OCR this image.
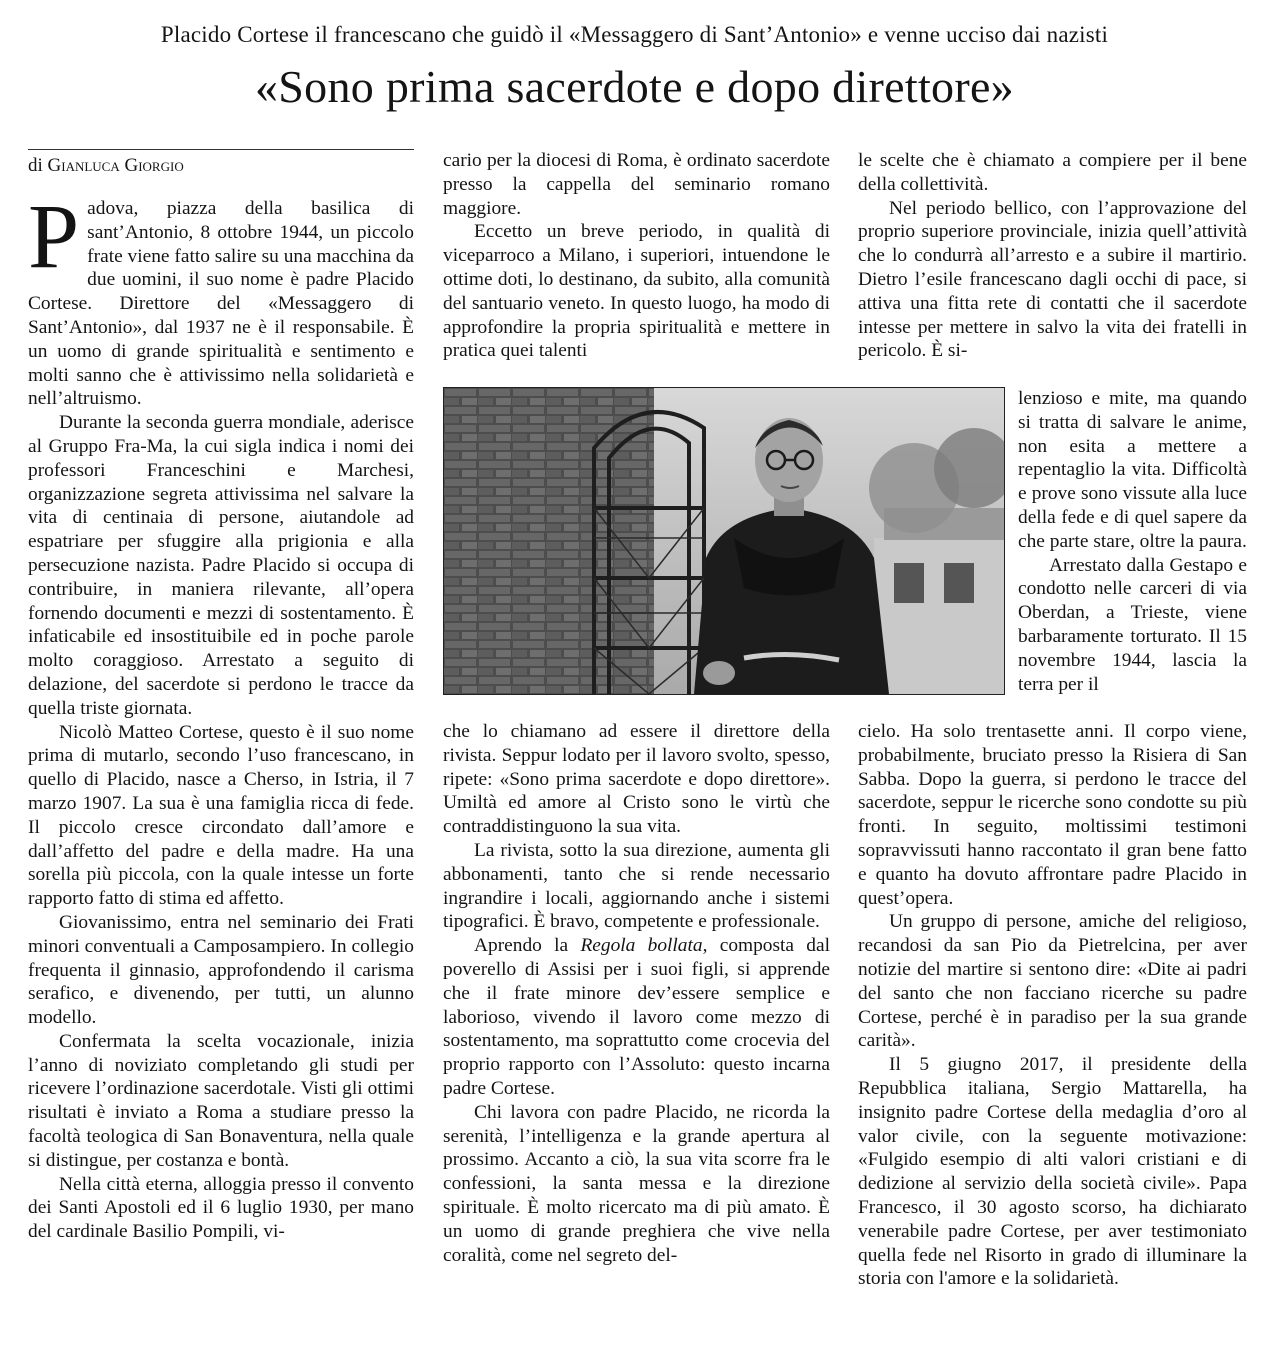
Placido Cortese il francescano che guidò il «Messaggero di Sant’Antonio» e venne ucciso dai nazisti
«Sono prima sacerdote e dopo direttore»
di Gianluca Giorgio

Padova, piazza della basilica di sant’Antonio, 8 ottobre 1944, un piccolo frate viene fatto salire su una macchina da due uomini, il suo nome è padre Placido Cortese. Direttore del «Messaggero di Sant’Antonio», dal 1937 ne è il responsabile. È un uomo di grande spiritualità e sentimento e molti sanno che è attivissimo nella solidarietà e nell’altruismo.

Durante la seconda guerra mondiale, aderisce al Gruppo Fra-Ma, la cui sigla indica i nomi dei professori Franceschini e Marchesi, organizzazione segreta attivissima nel salvare la vita di centinaia di persone, aiutandole ad espatriare per sfuggire alla prigionia e alla persecuzione nazista. Padre Placido si occupa di contribuire, in maniera rilevante, all’opera fornendo documenti e mezzi di sostentamento. È infaticabile ed insostituibile ed in poche parole molto coraggioso. Arrestato a seguito di delazione, del sacerdote si perdono le tracce da quella triste giornata.

Nicolò Matteo Cortese, questo è il suo nome prima di mutarlo, secondo l’uso francescano, in quello di Placido, nasce a Cherso, in Istria, il 7 marzo 1907. La sua è una famiglia ricca di fede. Il piccolo cresce circondato dall’amore e dall’affetto del padre e della madre. Ha una sorella più piccola, con la quale intesse un forte rapporto fatto di stima ed affetto.

Giovanissimo, entra nel seminario dei Frati minori conventuali a Camposampiero. In collegio frequenta il ginnasio, approfondendo il carisma serafico, e divenendo, per tutti, un alunno modello.

Confermata la scelta vocazionale, inizia l’anno di noviziato completando gli studi per ricevere l’ordinazione sacerdotale. Visti gli ottimi risultati è inviato a Roma a studiare presso la facoltà teologica di San Bonaventura, nella quale si distingue, per costanza e bontà.

Nella città eterna, alloggia presso il convento dei Santi Apostoli ed il 6 luglio 1930, per mano del cardinale Basilio Pompili, vi-

cario per la diocesi di Roma, è ordinato sacerdote presso la cappella del seminario romano maggiore.

Eccetto un breve periodo, in qualità di viceparroco a Milano, i superiori, intuendone le ottime doti, lo destinano, da subito, alla comunità del santuario veneto. In questo luogo, ha modo di approfondire la propria spiritualità e mettere in pratica quei talenti

che lo chiamano ad essere il direttore della rivista. Seppur lodato per il lavoro svolto, spesso, ripete: «Sono prima sacerdote e dopo direttore». Umiltà ed amore al Cristo sono le virtù che contraddistinguono la sua vita.

La rivista, sotto la sua direzione, aumenta gli abbonamenti, tanto che si rende necessario ingrandire i locali, aggiornando anche i sistemi tipografici. È bravo, competente e professionale.

Aprendo la Regola bollata, composta dal poverello di Assisi per i suoi figli, si apprende che il frate minore dev’essere semplice e laborioso, vivendo il lavoro come mezzo di sostentamento, ma soprattutto come crocevia del proprio rapporto con l’Assoluto: questo incarna padre Cortese.

Chi lavora con padre Placido, ne ricorda la serenità, l’intelligenza e la grande apertura al prossimo. Accanto a ciò, la sua vita scorre fra le confessioni, la santa messa e la direzione spirituale. È molto ricercato ma di più amato. È un uomo di grande preghiera che vive nella coralità, come nel segreto del-

le scelte che è chiamato a compiere per il bene della collettività.

Nel periodo bellico, con l’approvazione del proprio superiore provinciale, inizia quell’attività che lo condurrà all’arresto e a subire il martirio. Dietro l’esile francescano dagli occhi di pace, si attiva una fitta rete di contatti che il sacerdote intesse per mettere in salvo la vita dei fratelli in pericolo. È si-

lenzioso e mite, ma quando si tratta di salvare le anime, non esita a mettere a repentaglio la vita. Difficoltà e prove sono vissute alla luce della fede e di quel sapere da che parte stare, oltre la paura.

Arrestato dalla Gestapo e condotto nelle carceri di via Oberdan, a Trieste, viene barbaramente torturato. Il 15 novembre 1944, lascia la terra per il

cielo. Ha solo trentasette anni. Il corpo viene, probabilmente, bruciato presso la Risiera di San Sabba. Dopo la guerra, si perdono le tracce del sacerdote, seppur le ricerche sono condotte su più fronti. In seguito, moltissimi testimoni sopravvissuti hanno raccontato il gran bene fatto e quanto ha dovuto affrontare padre Placido in quest’opera.

Un gruppo di persone, amiche del religioso, recandosi da san Pio da Pietrelcina, per aver notizie del martire si sentono dire: «Dite ai padri del santo che non facciano ricerche su padre Cortese, perché è in paradiso per la sua grande carità».

Il 5 giugno 2017, il presidente della Repubblica italiana, Sergio Mattarella, ha insignito padre Cortese della medaglia d’oro al valor civile, con la seguente motivazione: «Fulgido esempio di alti valori cristiani e di dedizione al servizio della società civile». Papa Francesco, il 30 agosto scorso, ha dichiarato venerabile padre Cortese, per aver testimoniato quella fede nel Risorto in grado di illuminare la storia con l'amore e la solidarietà.
